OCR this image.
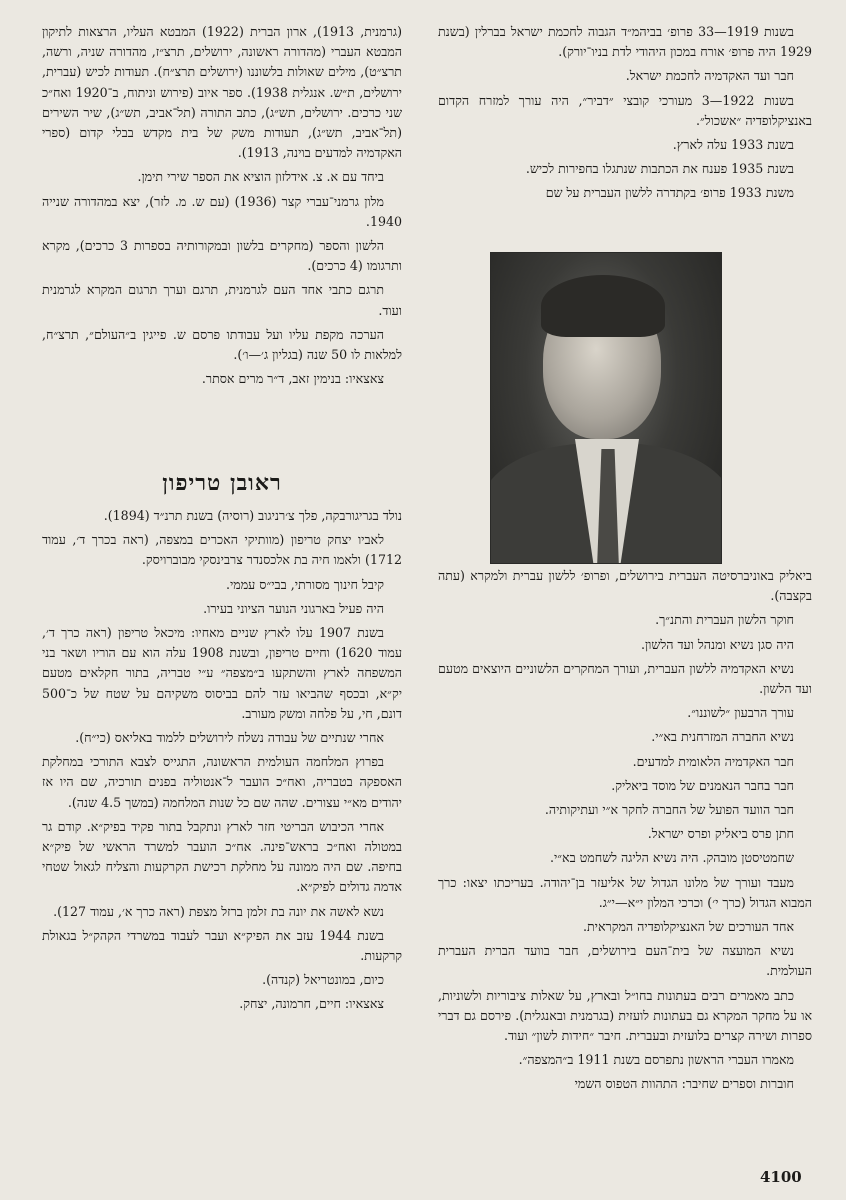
בשנות 1919—33 פרופ׳ בביהמ״ד הגבוה לחכמת ישראל בברלין (בשנת 1929 היה פרופ׳ אורח במכון היהודי לדת בניו־יורק).

חבר ועד האקדמיה לחכמת ישראל.

בשנות 1922—3 מעורכי קובצי ״דביר״, היה עורך למזרח הקדום באנציקלופדיה ״אשכול״.

בשנת 1933 עלה לארץ.

בשנת 1935 פענח את הכתבות שנתגלו בחפירות לכיש.

משנת 1933 פרופ׳ בקתדרה ללשון העברית על שם

ביאליק באוניברסיטה העברית בירושלים, ופרופ׳ ללשון עברית ולמקרא (עתה בקצבה).

חוקר הלשון העברית והתנ״ך.

היה סגן נשיא ומנהל ועד הלשון.

נשיא האקדמיה ללשון העברית, ועורך המחקרים הלשוניים היוצאים מטעם ועד הלשון.

עורך הרבעון ״לשוננו״.

נשיא החברה המזרחנית בא״י.

חבר האקדמיה הלאומית למדעים.

חבר בחבר הנאמנים של מוסד ביאליק.

חבר הוועד הפועל של החברה לחקר א״י ועתיקותיה.

חתן פרס ביאליק ופרס ישראל.

שחמטיסטן מובהק. היה נשיא הליגה לשחמט בא״י.

מעבד ועורך של מלונו הגדול של אליעזר בן־יהודה. בעריכתו יצאו: כרך המבוא הגדול (כרך י׳) וכרכי המלון י״א—י״ג.

אחד העורכים של האנציקלופדיה המקראית.

נשיא המועצה של בית־העם בירושלים, חבר בוועד הברית העברית העולמית.

כתב מאמרים רבים בעתונות בחו״ל ובארץ, על שאלות ציבוריות ולשוניות, או על מחקר המקרא גם בעתונות לועזית (בגרמנית ובאנגלית). פירסם גם דברי ספרות ושירה קצרים בלועזית ובעברית. חיבר ״חידות לשון״ ועוד.

מאמרו העברי הראשון נתפרסם בשנת 1911 ב״המצפה״.

חוברות וספרים שחיבר: התהוות הטפוס השמי

(גרמנית, 1913), ארון הברית (1922) המבטא העליו, הרצאות לתיקון המבטא העברי (מהדורה ראשונה, ירושלים, תרצ״ז, מהדורה שניה, ורשה, תרצ״ט), מילים שאולות בלשוננו (ירושלים תרצ״ח). תעודות לכיש (עברית, ירושלים, ת״ש. אנגלית 1938). ספר איוב (פירוש וניתוח, ב־1920 ואח״כ שני כרכים. ירושלים, תש״ג), כתב התורה (תל־אביב, תש״ג), שיר השירים (תל־אביב, תש״ג), תעודות משק של בית מקדש בבלי קדום (ספרי האקדמיה למדעים בוינה, 1913).

ביחד עם א. צ. אידלזון הוציא את הספר שירי תימן.

מלון גרמני־עברי קצר (1936) (עם ש. מ. לזר), יצא במהדורה שנייה 1940.

הלשון והספר (מחקרים בלשון ובמקורותיה בספרות 3 כרכים), מקרא ותרגומו (4 כרכים).

תרגם כתבי אחד העם לגרמנית, תרגם וערך תרגום המקרא לגרמנית ועוד.

הערכה מקפת עליו ועל עבודתו פרסם ש. פייגין ב״העולם״, תרצ״ח, למלאות לו 50 שנה (בגליון ג׳—ו׳).

צאצאיו: בנימין זאב, ד״ר מרים אסתר.

ראובן טריפון

נולד בגריגורבקה, פלך צ׳רניגוב (רוסיה) בשנת תרנ״ד (1894).

לאביו יצחק טריפון (מוותיקי האכרים במצפה, (ראה בכרך ד׳, עמוד 1712) ולאמו חיה בת אלכסנדר צרבינסקי מבוברויסק.

קיבל חינוך מסורתי, בבי״ס עממי.

היה פעיל בארגוני הנוער הציוני בעירו.

בשנת 1907 עלו לארץ שניים מאחיו: מיכאל טריפון (ראה כרך ד׳, עמוד 1620) וחיים טריפון, ובשנת 1908 עלה הוא עם הוריו ושאר בני המשפחה לארץ והשתקעו ב״מצפה״ ע״י טבריה, בתור חקלאים מטעם יק״א, ובכסף שהביאו עזר להם בביסוס משקיהם על שטח של כ־500 דונם, חי, על פלחה ומשק מעורב.

אחרי שנתיים של עבודה נשלח לירושלים ללמוד באליאס (כי״ח).

בפרוץ המלחמה העולמית הראשונה, התגייס לצבא התורכי במחלקת האספקה בטבריה, ואח״כ הועבר ל־אנטוליה בפנים תורכיה, שם היו אז יהודים מא״י עצורים. שהה שם כל שנות המלחמה (במשך 4.5 שנה).

אחרי הכיבוש הבריטי חזר לארץ ונתקבל בתור פקיד בפיק״א. קודם גר במטולה ואח״כ בראש־פינה. אח״כ הועבר למשרד הראשי של פיק״א בחיפה. שם היה ממונה על מחלקת רכישת הקרקעות והצליח לגאול שטחי אדמה גדולים לפיק״א.

נשא לאשה את יונה בת זלמן ברזל מצפת (ראה כרך א׳, עמוד 127).

בשנת 1944 עזב את הפיק״א ועבר לעבוד במשרדי הקהק״ל בגאולת קרקעות.

כיום, במונטריאל (קנדה).

צאצאיו: חיים, חרמונה, יצחק.

4100
